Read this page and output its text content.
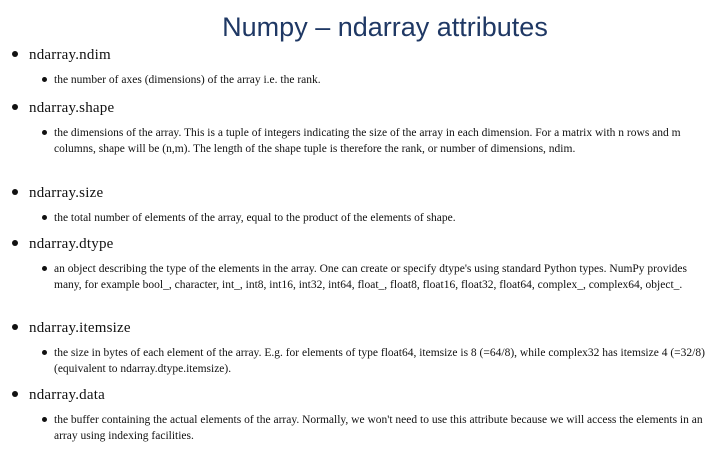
Numpy – ndarray attributes
ndarray.ndim
the number of axes (dimensions) of the array i.e. the rank.
ndarray.shape
the dimensions of the array. This is a tuple of integers indicating the size of the array in each dimension. For a matrix with n rows and m columns, shape will be (n,m). The length of the shape tuple is therefore the rank, or number of dimensions, ndim.
ndarray.size
the total number of elements of the array, equal to the product of the elements of shape.
ndarray.dtype
an object describing the type of the elements in the array. One can create or specify dtype's using standard Python types. NumPy provides many, for example bool_, character, int_, int8, int16, int32, int64, float_, float8, float16, float32, float64, complex_, complex64, object_.
ndarray.itemsize
the size in bytes of each element of the array. E.g. for elements of type float64, itemsize is 8 (=64/8), while complex32 has itemsize 4 (=32/8) (equivalent to ndarray.dtype.itemsize).
ndarray.data
the buffer containing the actual elements of the array. Normally, we won't need to use this attribute because we will access the elements in an array using indexing facilities.
